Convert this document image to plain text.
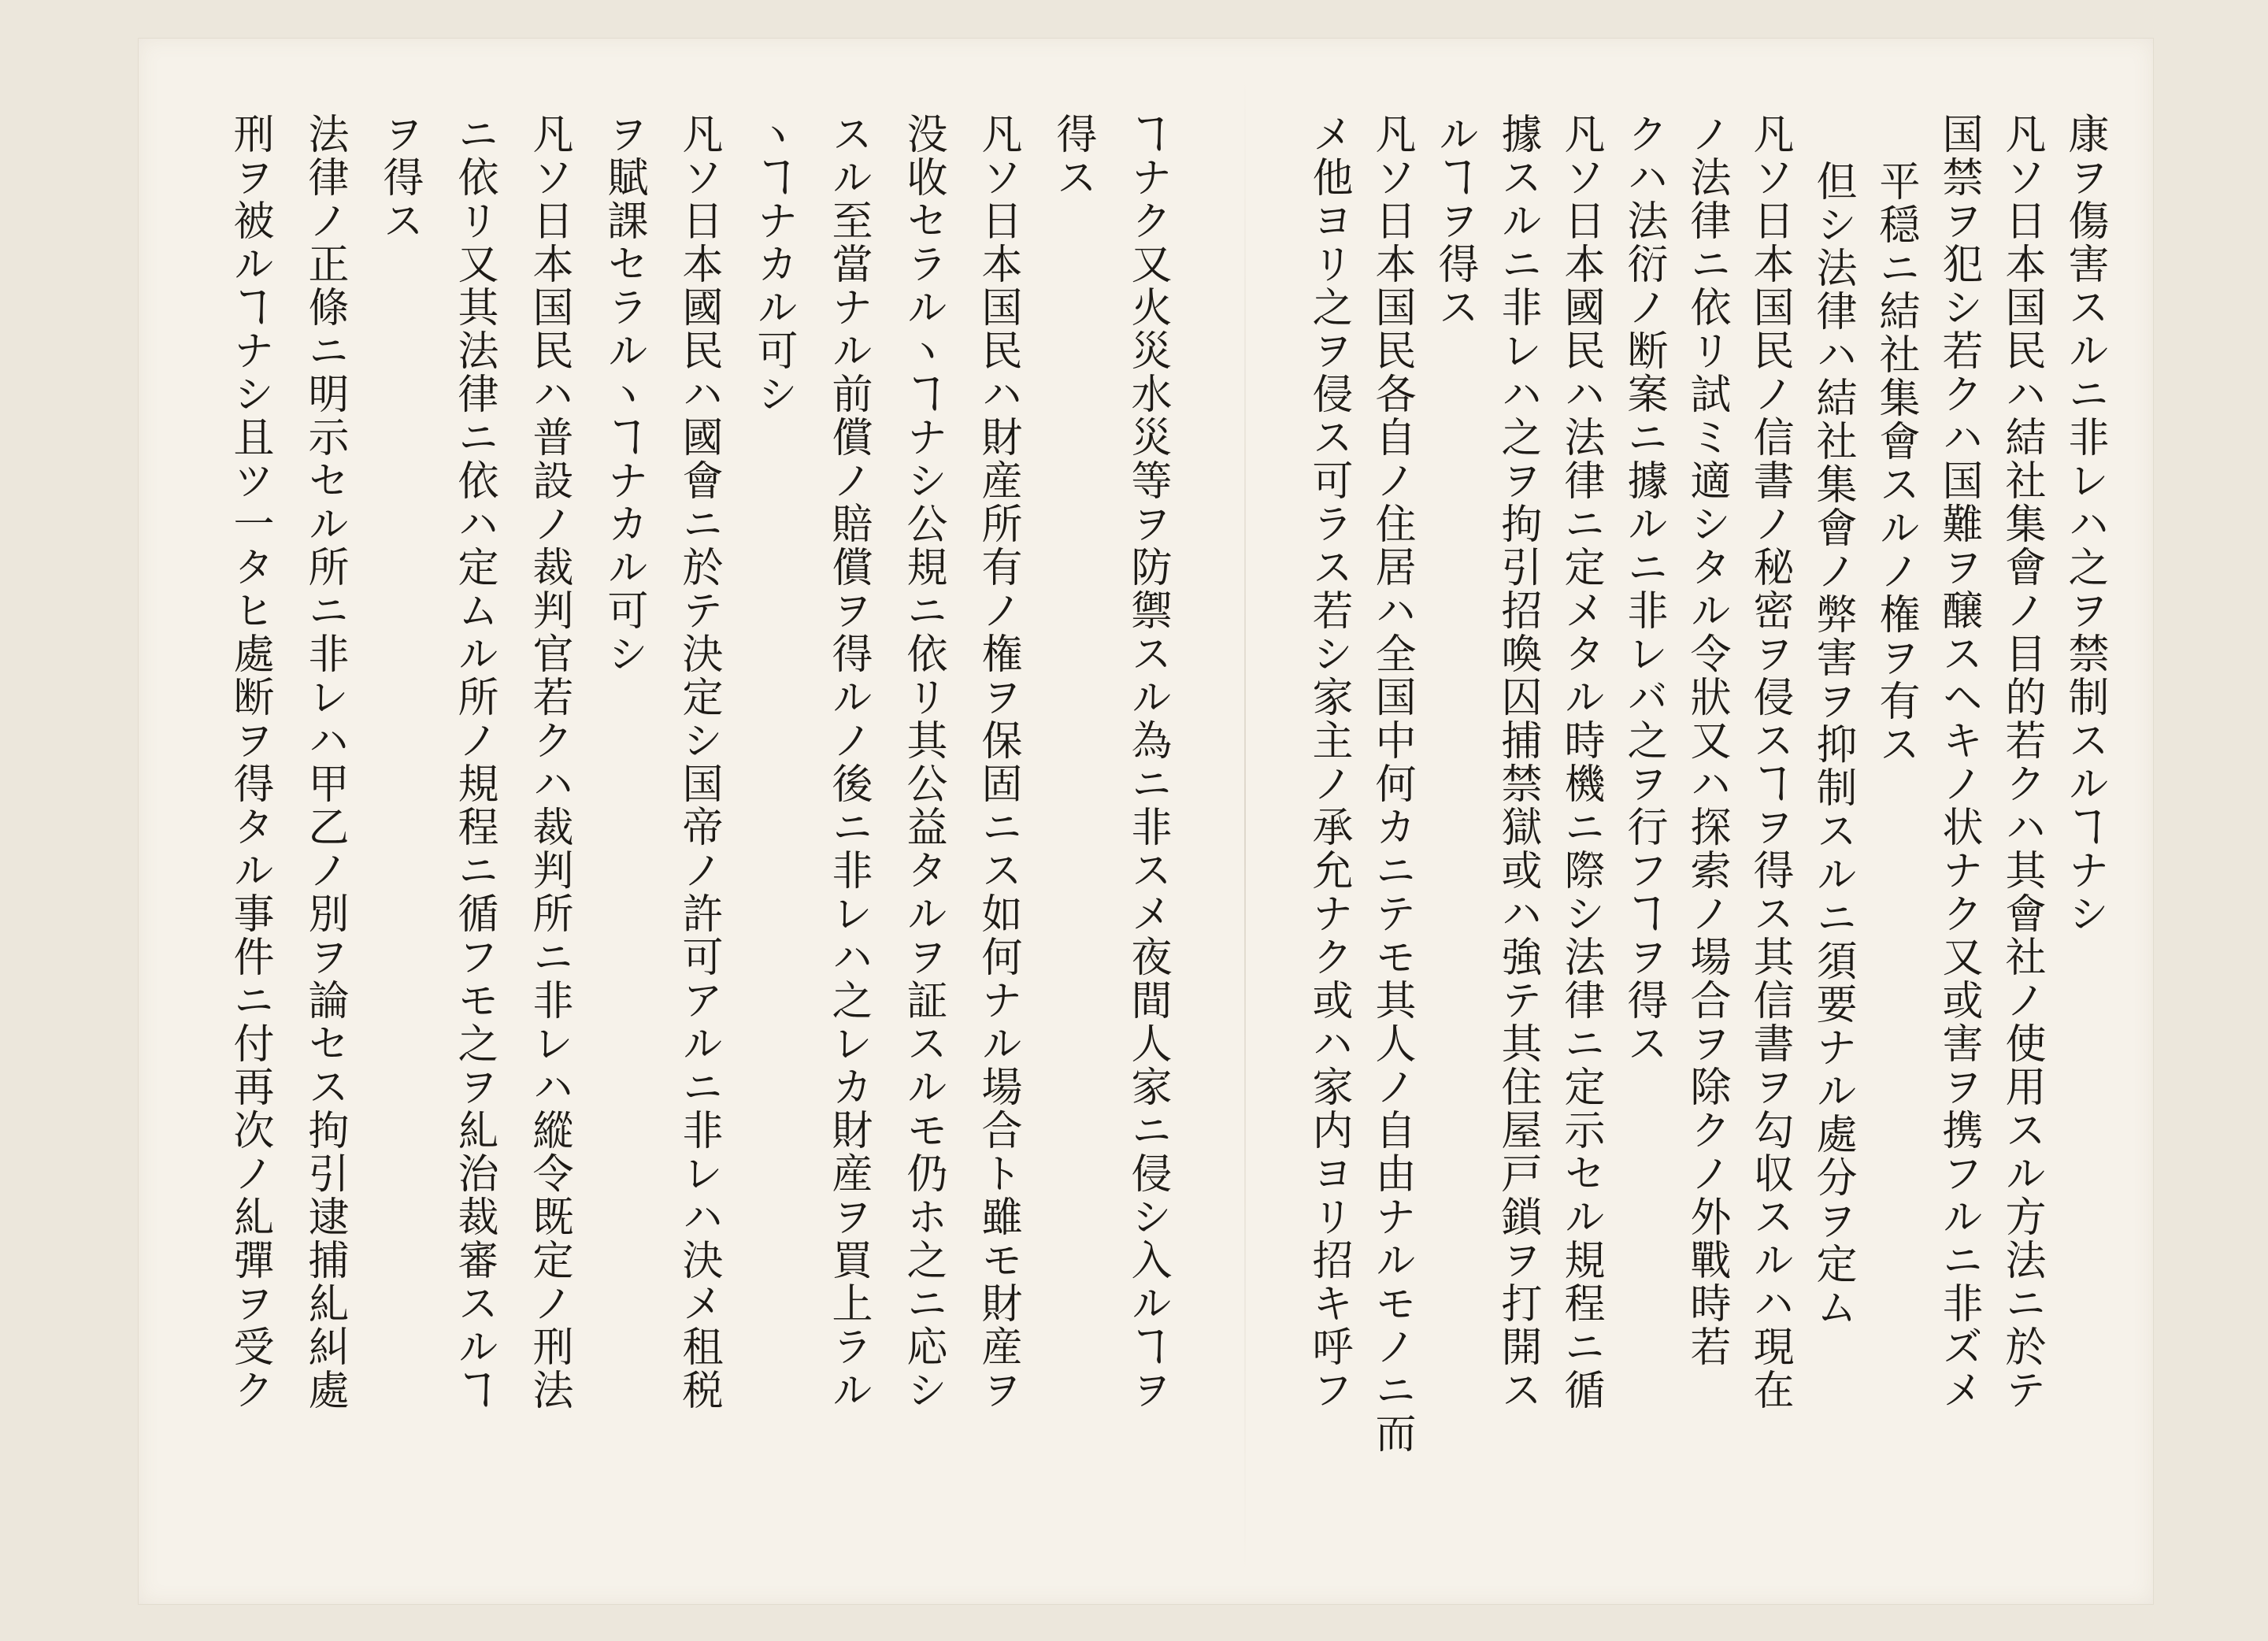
康ヲ傷害スルニ非レハ之ヲ禁制スルヿナシ
凡ソ日本国民ハ結社集會ノ目的若クハ其會社ノ使用スル方法ニ於テ
国禁ヲ犯シ若クハ国難ヲ醸スヘキノ状ナク又或害ヲ携フルニ非ズメ
平穏ニ結社集會スルノ権ヲ有ス
但シ法律ハ結社集會ノ弊害ヲ抑制スルニ須要ナル處分ヲ定ム
凡ソ日本国民ノ信書ノ秘密ヲ侵スヿヲ得ス其信書ヲ勾収スルハ現在
ノ法律ニ依リ試ミ適シタル令狀又ハ探索ノ場合ヲ除クノ外戰時若
クハ法衍ノ断案ニ據ルニ非レバ之ヲ行フヿヲ得ス
凡ソ日本國民ハ法律ニ定メタル時機ニ際シ法律ニ定示セル規程ニ循
據スルニ非レハ之ヲ拘引招喚囚捕禁獄或ハ強テ其住屋戸鎖ヲ打開ス
ルヿヲ得ス
凡ソ日本国民各自ノ住居ハ全国中何カニテモ其人ノ自由ナルモノニ而
メ他ヨリ之ヲ侵ス可ラス若シ家主ノ承允ナク或ハ家内ヨリ招キ呼フ
ヿナク又火災水災等ヲ防禦スル為ニ非スメ夜間人家ニ侵シ入ルヿヲ
得ス
凡ソ日本国民ハ財産所有ノ権ヲ保固ニス如何ナル場合ト雖モ財産ヲ
没收セラルヽヿナシ公規ニ依リ其公益タルヲ証スルモ仍ホ之ニ応シ
スル至當ナル前償ノ賠償ヲ得ルノ後ニ非レハ之レカ財産ヲ買上ラル
ヽヿナカル可シ
凡ソ日本國民ハ國會ニ於テ決定シ国帝ノ許可アルニ非レハ決メ租税
ヲ賦課セラルヽヿナカル可シ
凡ソ日本国民ハ普設ノ裁判官若クハ裁判所ニ非レハ縱令既定ノ刑法
ニ依リ又其法律ニ依ハ定ムル所ノ規程ニ循フモ之ヲ糺治裁審スルヿ
ヲ得ス
法律ノ正條ニ明示セル所ニ非レハ甲乙ノ別ヲ論セス拘引逮捕糺糾處
刑ヲ被ルヿナシ且ツ一タヒ處断ヲ得タル事件ニ付再次ノ糺彈ヲ受ク
